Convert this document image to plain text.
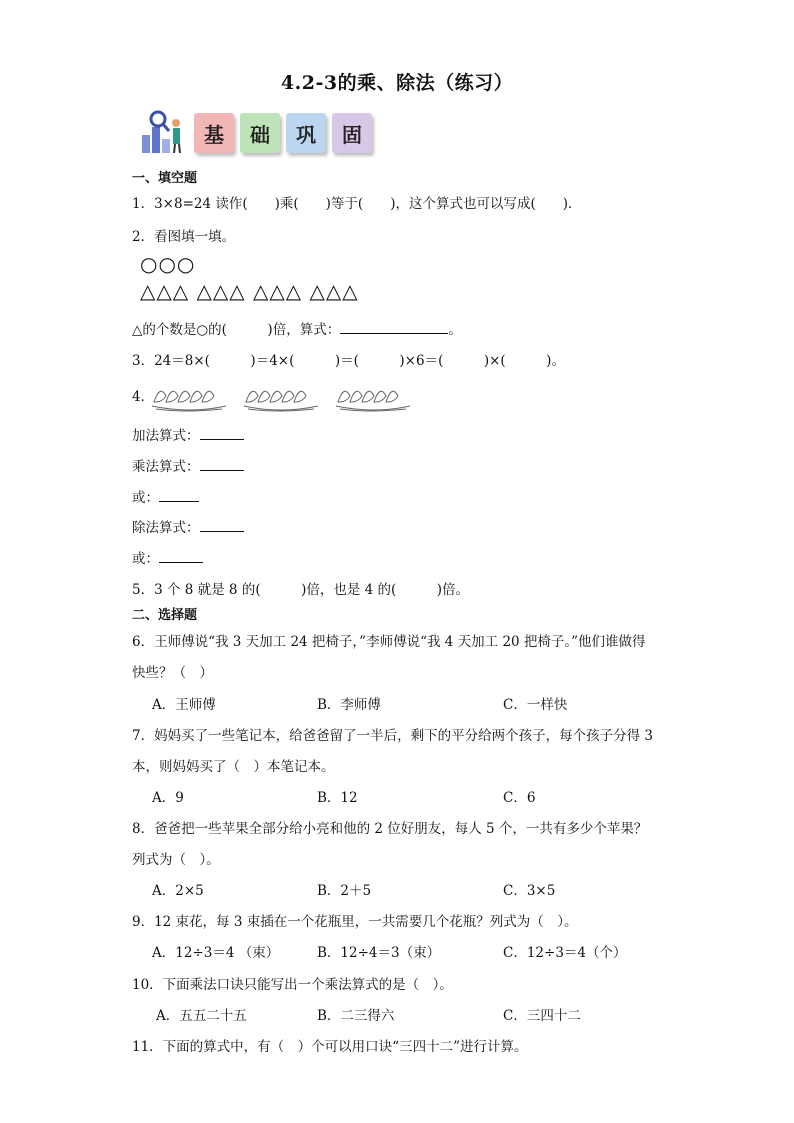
4.2-3的乘、除法（练习）
基	础	巩	固
一、填空题
1．3×8=24 读作(　　)乘(　　)等于(　　)，这个算式也可以写成(　　)．
2．看图填一填。
○○○
△△△ △△△ △△△ △△△
△的个数是○的(　　　)倍，算式：	。
3．24＝8×(　　　)＝4×(　　　)＝(　　　)×6＝(　　　)×(　　　)。
4．
加法算式：
乘法算式：
或：
除法算式：
或：
5．3 个 8 就是 8 的(　　　)倍，也是 4 的(　　　)倍。
二、选择题
6．王师傅说“我 3 天加工 24 把椅子，”李师傅说“我 4 天加工 20 把椅子。”他们谁做得
快些？（　）
A．王师傅	B．李师傅	C．一样快
7．妈妈买了一些笔记本，给爸爸留了一半后，剩下的平分给两个孩子，每个孩子分得 3
本，则妈妈买了（　）本笔记本。
A．9	B．12	C．6
8．爸爸把一些苹果全部分给小亮和他的 2 位好朋友，每人 5 个，一共有多少个苹果？
列式为（　）。
A．2×5	B．2＋5	C．3×5
9．12 束花，每 3 束插在一个花瓶里，一共需要几个花瓶？列式为（　）。
A．12÷3＝4 （束）	B．12÷4＝3（束）	C．12÷3＝4（个）
10．下面乘法口诀只能写出一个乘法算式的是（　）。
A．五五二十五	B．二三得六	C．三四十二
11．下面的算式中，有（　）个可以用口诀“三四十二”进行计算。
